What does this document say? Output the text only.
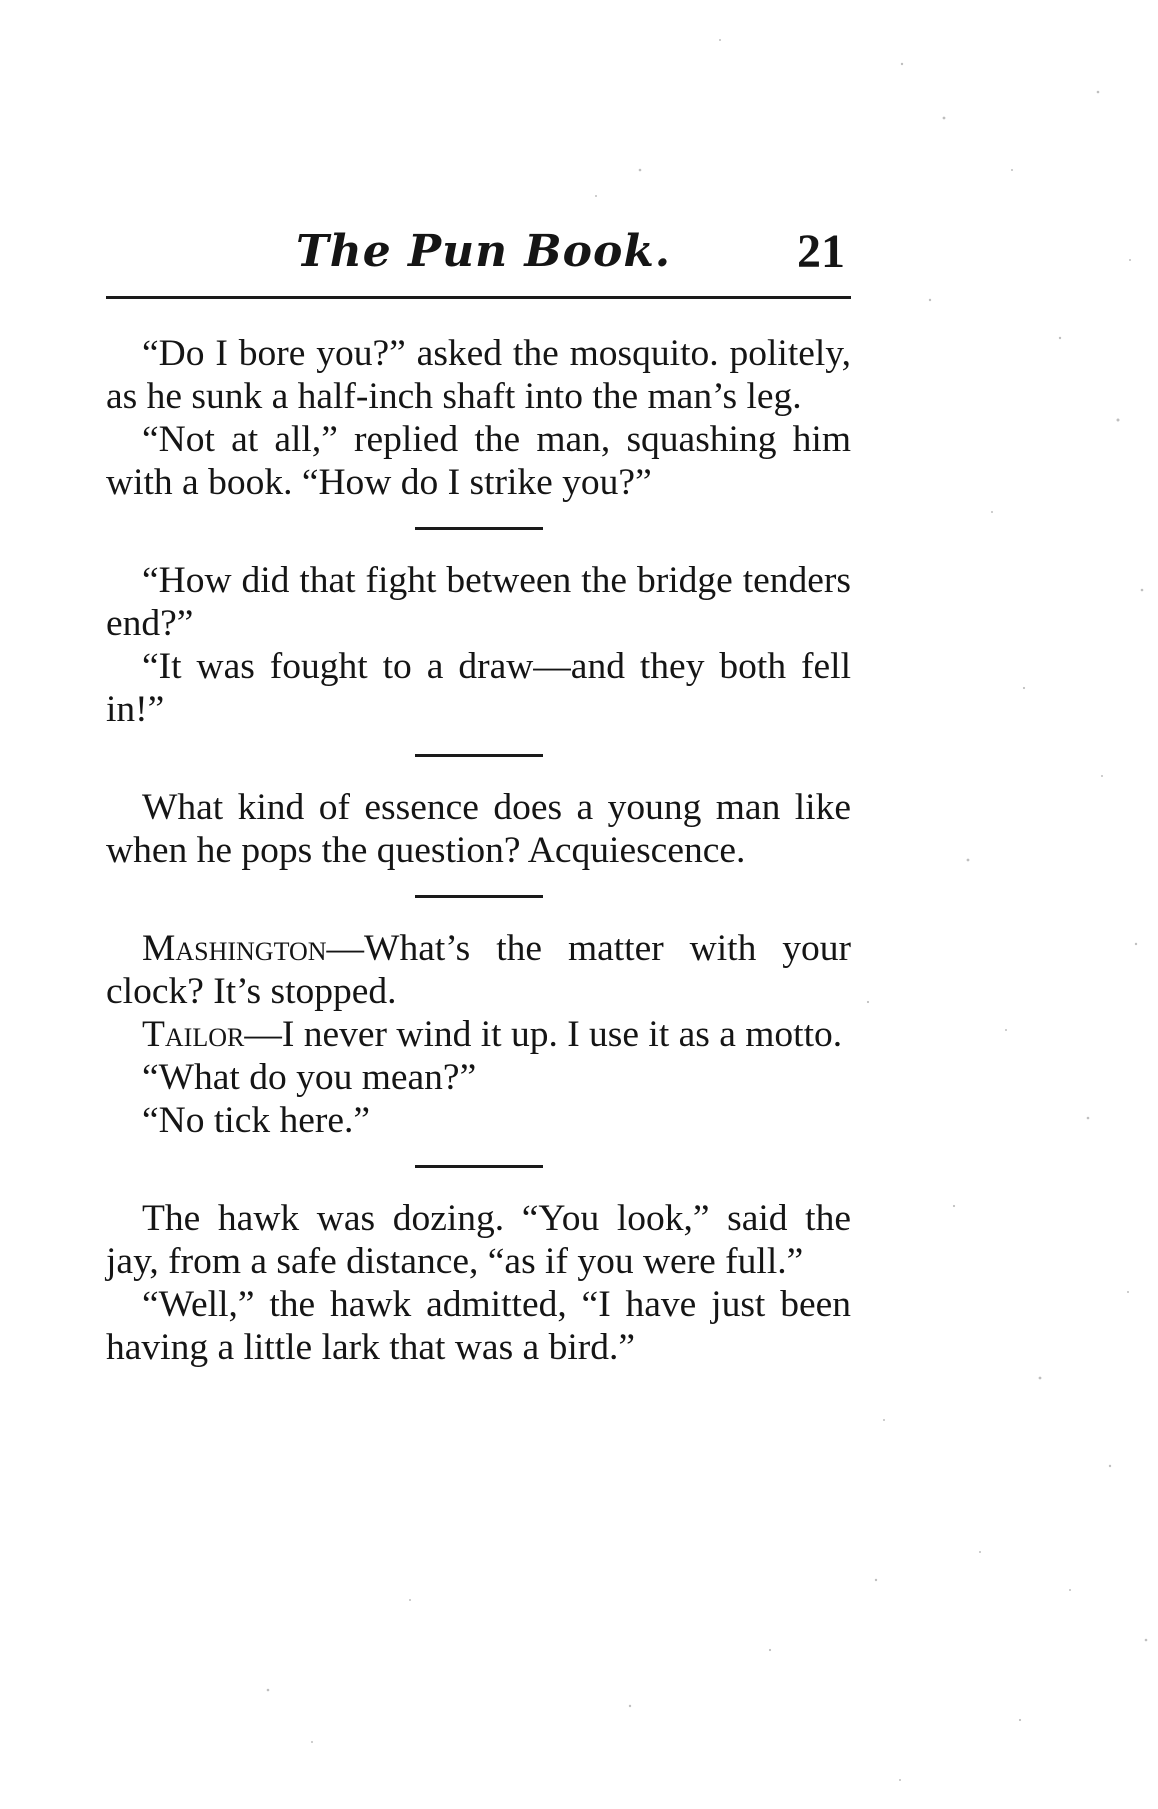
The Pun Book.	21

“Do I bore you?” asked the mosquito. politely, as he sunk a half-inch shaft into the man’s leg.

“Not at all,” replied the man, squashing him with a book. “How do I strike you?”

“How did that fight between the bridge tenders end?”

“It was fought to a draw—and they both fell in!”

What kind of essence does a young man like when he pops the question? Acquiescence.

Mashington—What’s the matter with your clock? It’s stopped.

Tailor—I never wind it up. I use it as a motto.

“What do you mean?”

“No tick here.”

The hawk was dozing. “You look,” said the jay, from a safe distance, “as if you were full.”

“Well,” the hawk admitted, “I have just been having a little lark that was a bird.”
